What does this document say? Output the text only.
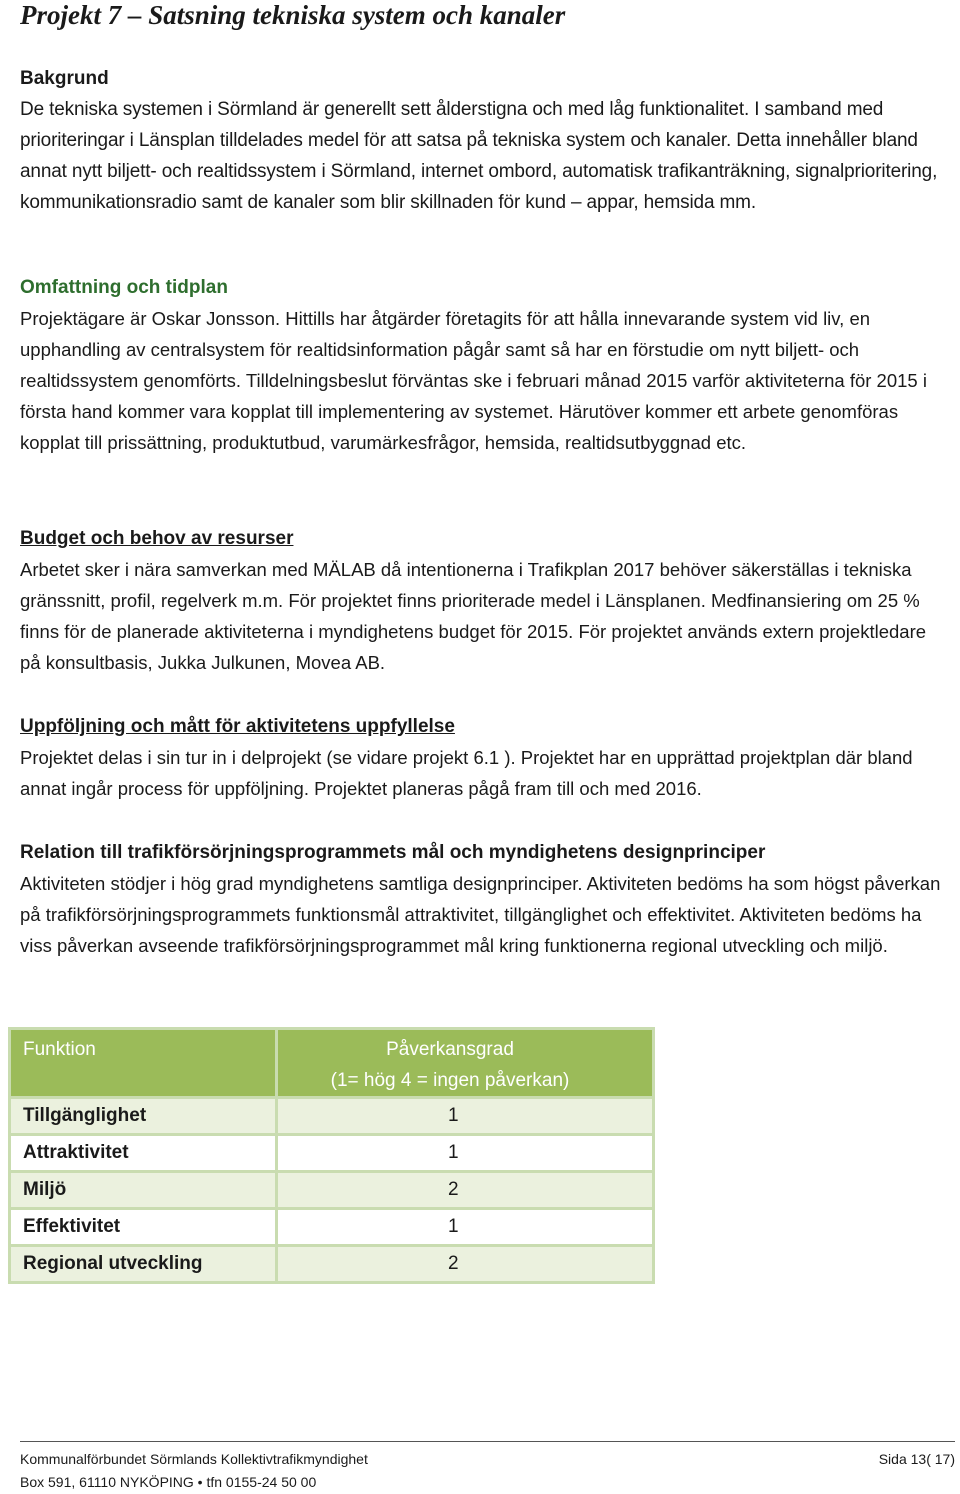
Projekt 7 – Satsning tekniska system och kanaler

Bakgrund

De tekniska systemen i Sörmland är generellt sett ålderstigna och med låg funktionalitet. I samband med prioriteringar i Länsplan tilldelades medel för att satsa på tekniska system och kanaler. Detta innehåller bland annat nytt biljett- och realtidssystem i Sörmland, internet ombord, automatisk trafikanträkning, signalprioritering, kommunikationsradio samt de kanaler som blir skillnaden för kund – appar, hemsida mm.

Omfattning och tidplan

Projektägare är Oskar Jonsson. Hittills har åtgärder företagits för att hålla innevarande system vid liv, en upphandling av centralsystem för realtidsinformation pågår samt så har en förstudie om nytt biljett- och realtidssystem genomförts. Tilldelningsbeslut förväntas ske i februari månad 2015 varför aktiviteterna för 2015 i första hand kommer vara kopplat till implementering av systemet. Härutöver kommer ett arbete genomföras kopplat till prissättning, produktutbud, varumärkesfrågor, hemsida, realtidsutbyggnad etc.

Budget och behov av resurser

Arbetet sker i nära samverkan med MÄLAB då intentionerna i Trafikplan 2017 behöver säkerställas i tekniska gränssnitt, profil, regelverk m.m. För projektet finns prioriterade medel i Länsplanen. Medfinansiering om 25 % finns för de planerade aktiviteterna i myndighetens budget för 2015. För projektet används extern projektledare på konsultbasis, Jukka Julkunen, Movea AB.

Uppföljning och mått för aktivitetens uppfyllelse

Projektet delas i sin tur in i delprojekt (se vidare projekt 6.1 ). Projektet har en upprättad projektplan där bland annat ingår process för uppföljning. Projektet planeras pågå fram till och med 2016.

Relation till trafikförsörjningsprogrammets mål och myndighetens designprinciper

Aktiviteten stödjer i hög grad myndighetens samtliga designprinciper. Aktiviteten bedöms ha som högst påverkan på trafikförsörjningsprogrammets funktionsmål attraktivitet, tillgänglighet och effektivitet. Aktiviteten bedöms ha viss påverkan avseende trafikförsörjningsprogrammet mål kring funktionerna regional utveckling och miljö.

Funktion	Påverkansgrad
(1= hög 4 = ingen påverkan)

Tillgänglighet	1
Attraktivitet	1
Miljö	2
Effektivitet	1
Regional utveckling	2
Kommunalförbundet Sörmlands Kollektivtrafikmyndighet	Sida 13( 17)
Box 591, 61110 NYKÖPING • tfn 0155-24 50 00
